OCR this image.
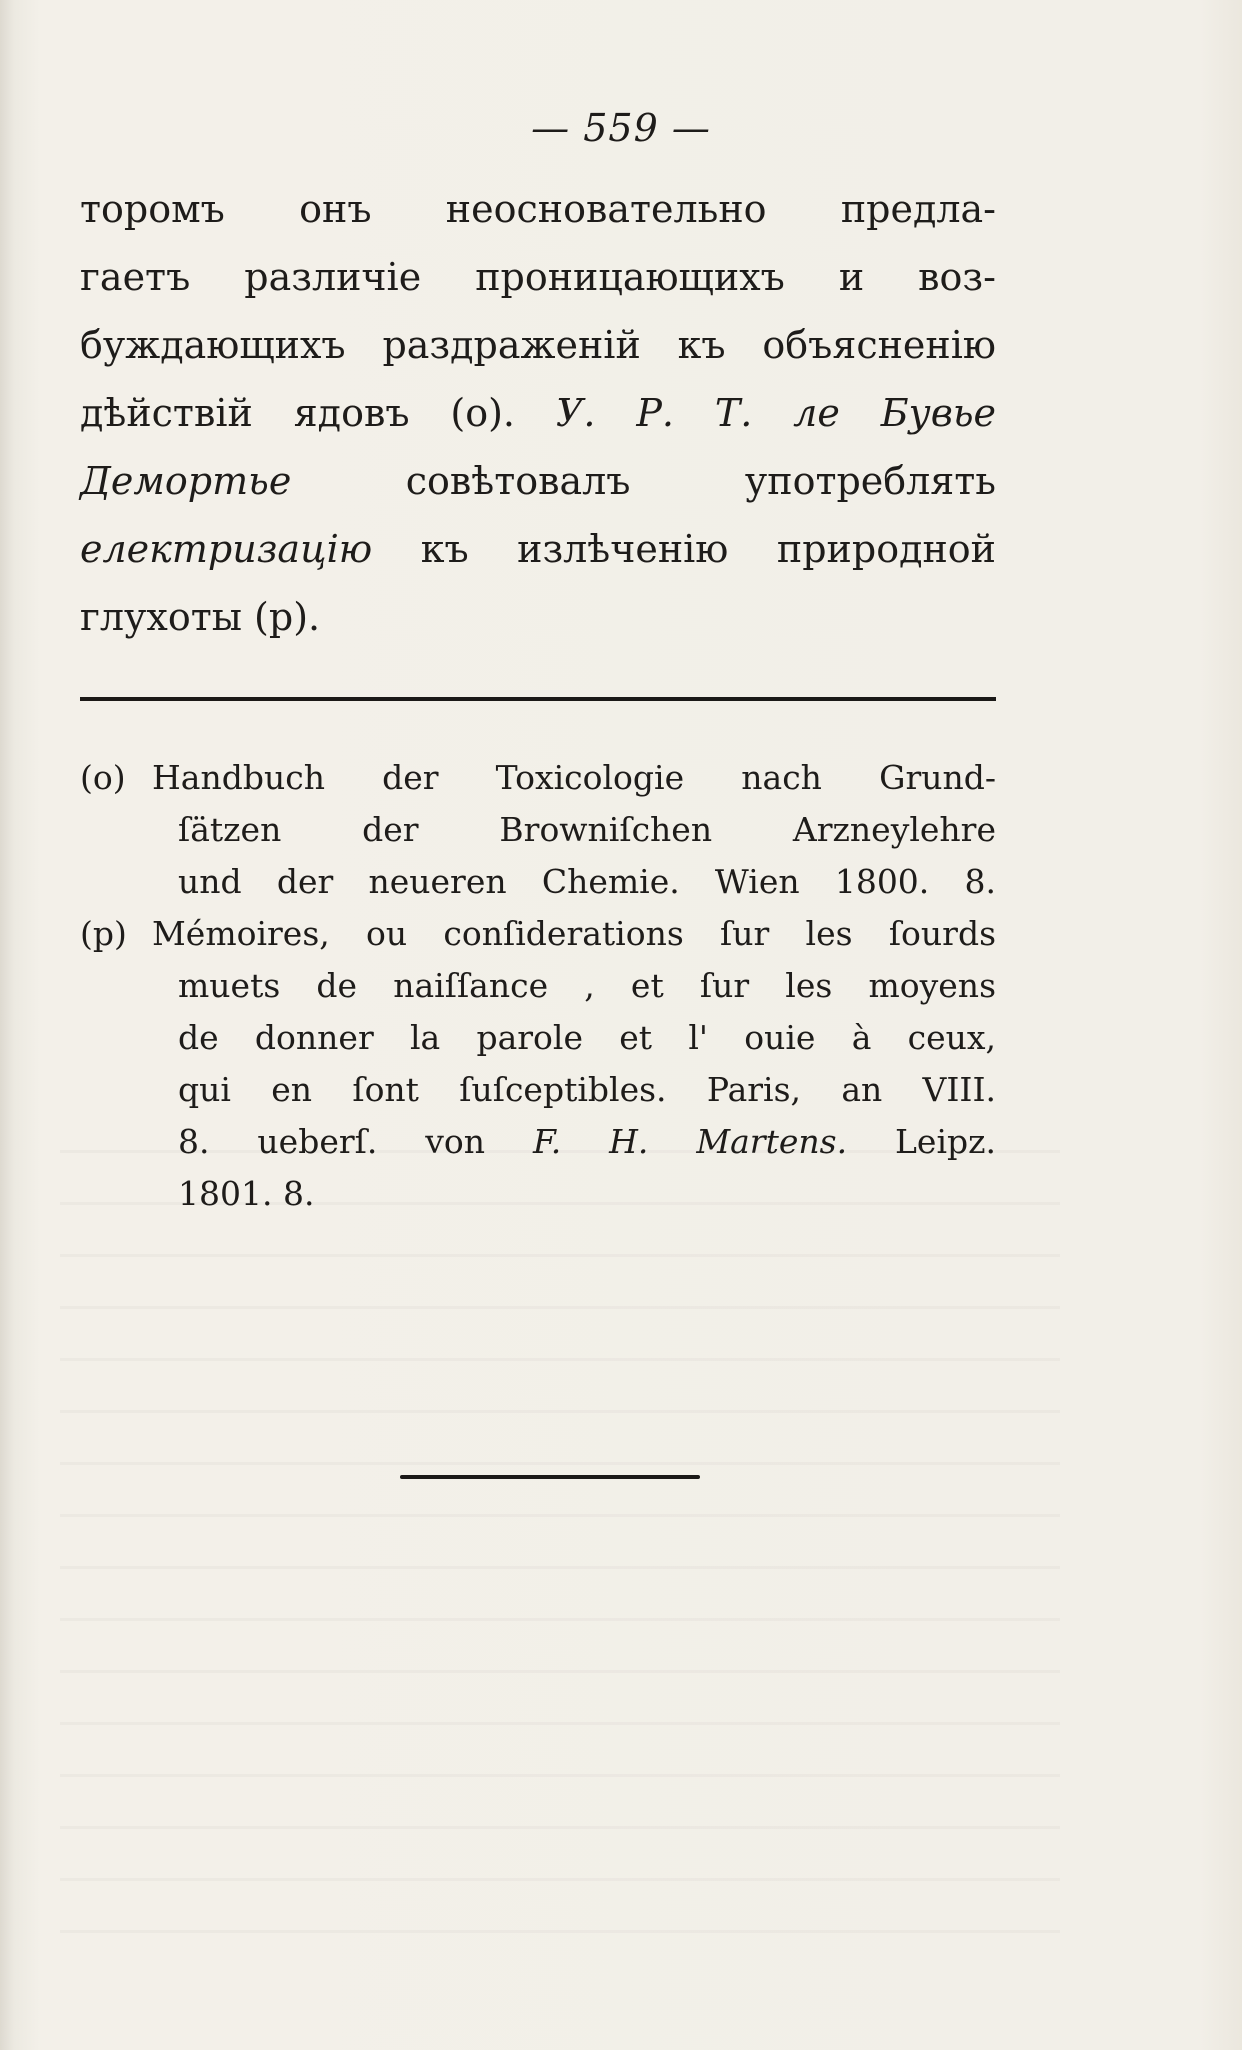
— 559 —
торомъ онъ неосновательно предла-
гаетъ различіе проницающихъ и воз-
буждающихъ раздраженій къ объясненію
дѣйствій ядовъ (о). У. Р. Т. ле Бувье
Демортье совѣтовалъ употреблять
електризацію къ излѣченію природной
глухоты (р).
(o) Handbuch der Toxicologie nach Grund-
ſätzen der Browniſchen Arzneylehre
und der neueren Chemie. Wien 1800. 8.
(p) Mémoires, ou conſiderations ſur les ſourds
muets de naiſſance , et ſur les moyens
de donner la parole et l' ouie à ceux,
qui en ſont ſuſceptibles. Paris, an VIII.
8. ueberſ. von F. H. Martens. Leipz.
1801. 8.
